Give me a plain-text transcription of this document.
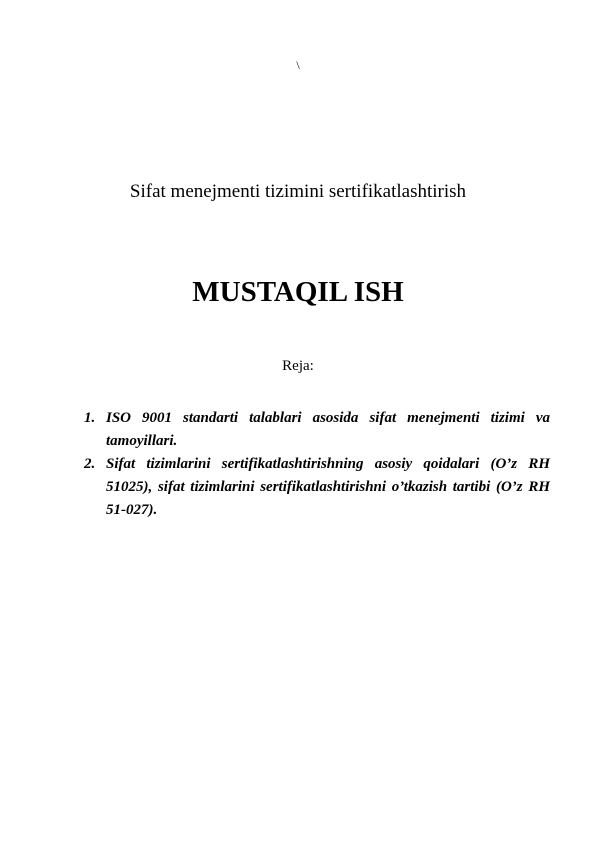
\
Sifat menejmenti tizimini sertifikatlashtirish
MUSTAQIL ISH
Reja:
1. ISO 9001 standarti talablari asosida sifat menejmenti tizimi va tamoyillari.
2. Sifat tizimlarini sertifikatlashtirishning asosiy qoidalari (O’z RH 51025), sifat tizimlarini sertifikatlashtirishni o’tkazish tartibi (O’z RH 51-027).
